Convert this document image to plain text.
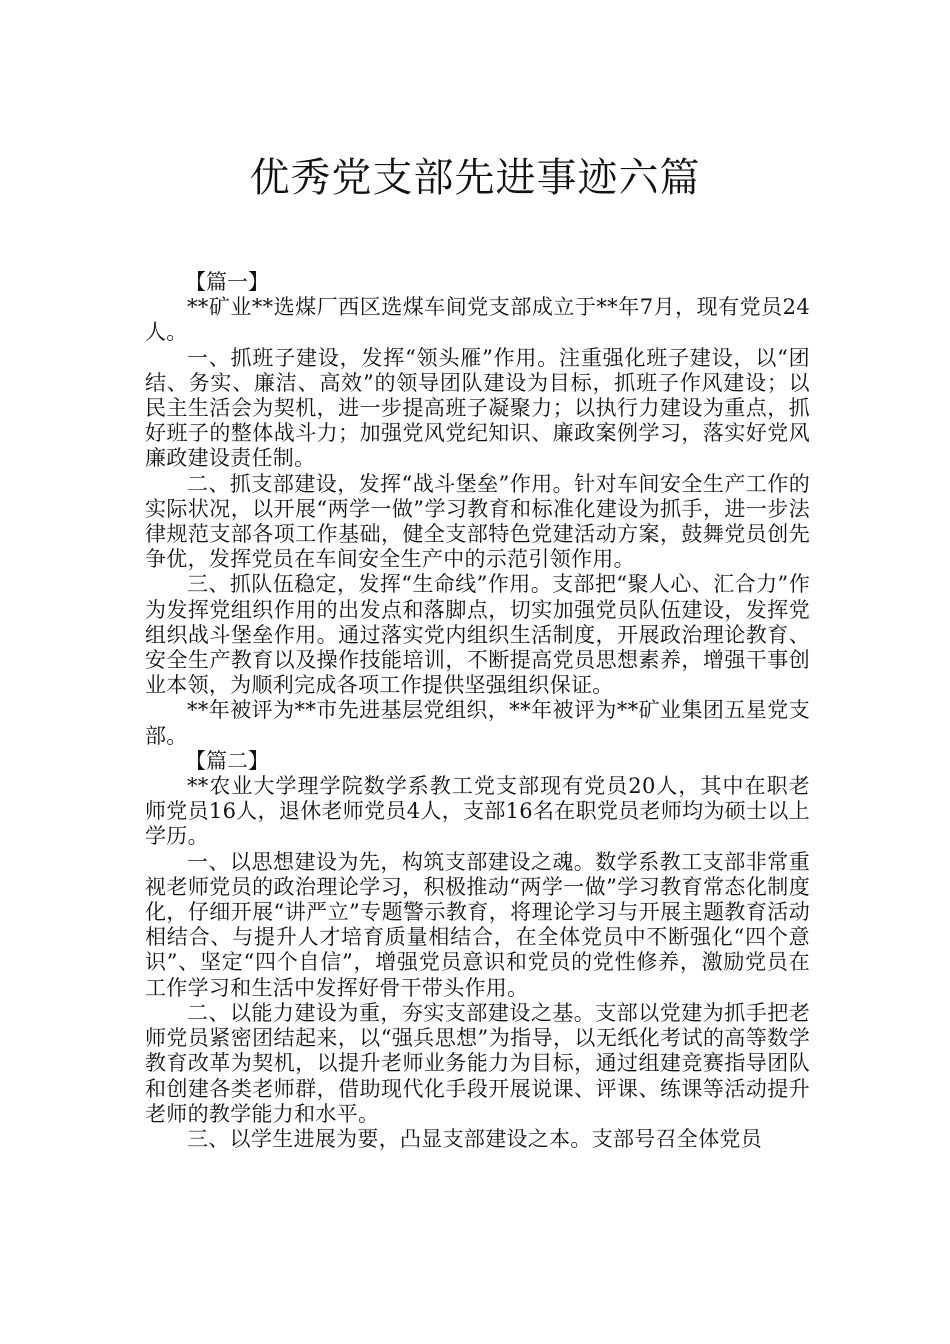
优秀党支部先进事迹六篇

【篇一】

**矿业**选煤厂西区选煤车间党支部成立于**年7月，现有党员24人。

一、抓班子建设，发挥“领头雁”作用。注重强化班子建设，以“团结、务实、廉洁、高效”的领导团队建设为目标，抓班子作风建设；以民主生活会为契机，进一步提高班子凝聚力；以执行力建设为重点，抓好班子的整体战斗力；加强党风党纪知识、廉政案例学习，落实好党风廉政建设责任制。

二、抓支部建设，发挥“战斗堡垒”作用。针对车间安全生产工作的实际状况，以开展“两学一做”学习教育和标准化建设为抓手，进一步法律规范支部各项工作基础，健全支部特色党建活动方案，鼓舞党员创先争优，发挥党员在车间安全生产中的示范引领作用。

三、抓队伍稳定，发挥“生命线”作用。支部把“聚人心、汇合力”作为发挥党组织作用的出发点和落脚点，切实加强党员队伍建设，发挥党组织战斗堡垒作用。通过落实党内组织生活制度，开展政治理论教育、安全生产教育以及操作技能培训，不断提高党员思想素养，增强干事创业本领，为顺利完成各项工作提供坚强组织保证。

**年被评为**市先进基层党组织，**年被评为**矿业集团五星党支部。

【篇二】

**农业大学理学院数学系教工党支部现有党员20人，其中在职老师党员16人，退休老师党员4人，支部16名在职党员老师均为硕士以上学历。

一、以思想建设为先，构筑支部建设之魂。数学系教工支部非常重视老师党员的政治理论学习，积极推动“两学一做”学习教育常态化制度化，仔细开展“讲严立”专题警示教育，将理论学习与开展主题教育活动相结合、与提升人才培育质量相结合，在全体党员中不断强化“四个意识”、坚定“四个自信”，增强党员意识和党员的党性修养，激励党员在工作学习和生活中发挥好骨干带头作用。

二、以能力建设为重，夯实支部建设之基。支部以党建为抓手把老师党员紧密团结起来，以“强兵思想”为指导，以无纸化考试的高等数学教育改革为契机，以提升老师业务能力为目标，通过组建竞赛指导团队和创建各类老师群，借助现代化手段开展说课、评课、练课等活动提升老师的教学能力和水平。

三、以学生进展为要，凸显支部建设之本。支部号召全体党员
